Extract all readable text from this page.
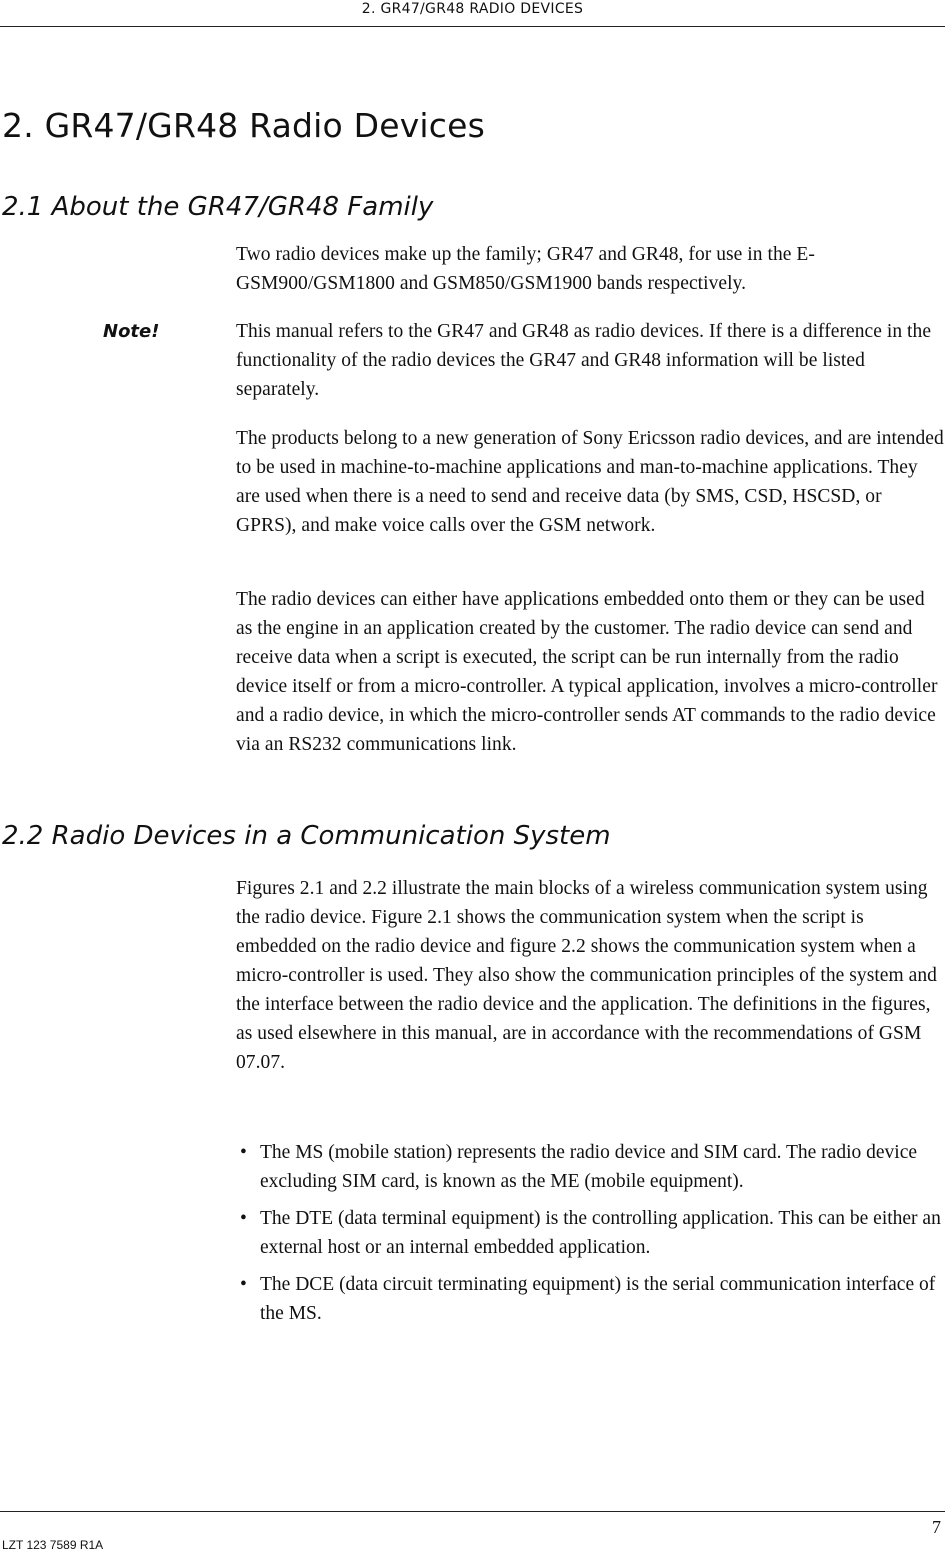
2. GR47/GR48 RADIO DEVICES
2. GR47/GR48 Radio Devices
2.1 About the GR47/GR48 Family

Two radio devices make up the family; GR47 and GR48, for use in the E-GSM900/GSM1800 and GSM850/GSM1900 bands respectively.

Note!	This manual refers to the GR47 and GR48 as radio devices. If there is a difference in the functionality of the radio devices the GR47 and GR48 information will be listed separately.

The products belong to a new generation of Sony Ericsson radio devices, and are intended to be used in machine-to-machine applications and man-to-machine applications. They are used when there is a need to send and receive data (by SMS, CSD, HSCSD, or GPRS), and make voice calls over the GSM network.

The radio devices can either have applications embedded onto them or they can be used as the engine in an application created by the customer. The radio device can send and receive data when a script is executed, the script can be run internally from the radio device itself or from a micro-controller. A typical application, involves a micro-controller and a radio device, in which the micro-controller sends AT commands to the radio device via an RS232 communications link.

2.2 Radio Devices in a Communication System

Figures 2.1 and 2.2 illustrate the main blocks of a wireless communication system using the radio device. Figure 2.1 shows the communication system when the script is embedded on the radio device and figure 2.2 shows the communication system when a micro-controller is used. They also show the communication principles of the system and the interface between the radio device and the application. The definitions in the figures, as used elsewhere in this manual, are in accordance with the recommendations of GSM 07.07.

• The MS (mobile station) represents the radio device and SIM card. The radio device excluding SIM card, is known as the ME (mobile equipment).
• The DTE (data terminal equipment) is the controlling application. This can be either an external host or an internal embedded application.
• The DCE (data circuit terminating equipment) is the serial communication interface of the MS.
7
LZT 123 7589 R1A
